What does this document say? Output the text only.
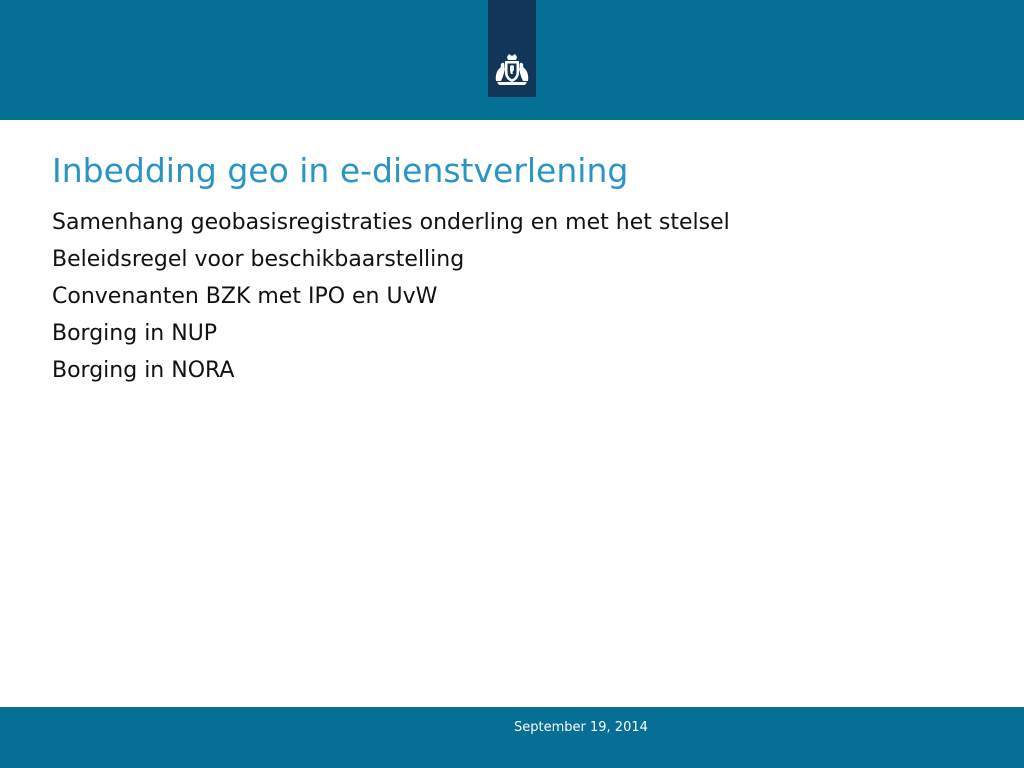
Inbedding geo in e-dienstverlening
Samenhang geobasisregistraties onderling en met het stelsel
Beleidsregel voor beschikbaarstelling
Convenanten BZK met IPO en UvW
Borging in NUP
Borging in NORA
September 19, 2014
